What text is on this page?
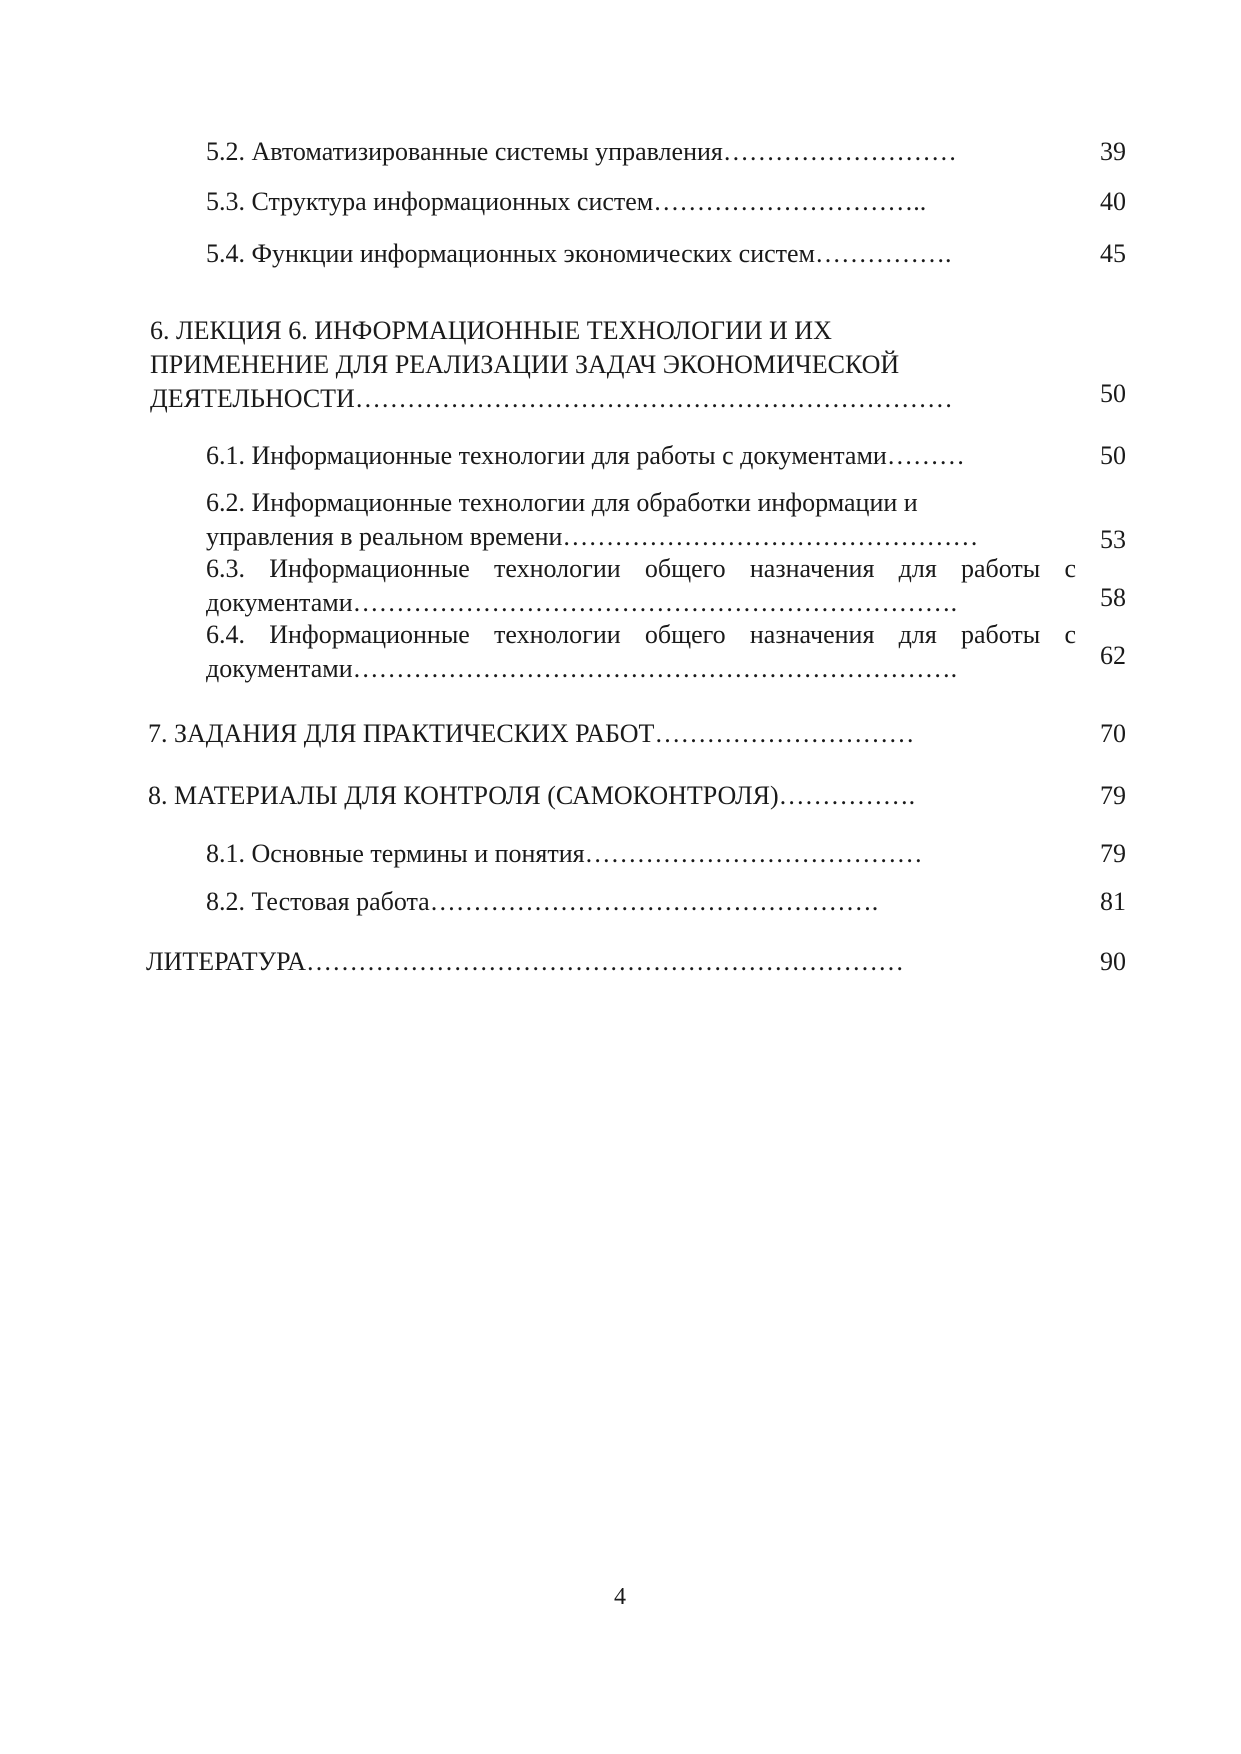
5.2. Автоматизированные системы управления………………………	39
5.3. Структура информационных систем…………………………..	40
5.4. Функции информационных экономических систем…………….	45
6. ЛЕКЦИЯ 6. ИНФОРМАЦИОННЫЕ ТЕХНОЛОГИИ И ИХ
ПРИМЕНЕНИЕ ДЛЯ РЕАЛИЗАЦИИ ЗАДАЧ ЭКОНОМИЧЕСКОЙ
ДЕЯТЕЛЬНОСТИ……………………………………………………………	50
6.1. Информационные технологии для работы с документами………	50
6.2. Информационные технологии для обработки информации и
управления в реальном времени…………………………………………	53
6.3. Информационные технологии общего назначения для работы с
документами…………………………………………………………….	58
6.4. Информационные технологии общего назначения для работы с
документами…………………………………………………………….	62
7. ЗАДАНИЯ ДЛЯ ПРАКТИЧЕСКИХ РАБОТ…………………………	70
8. МАТЕРИАЛЫ ДЛЯ КОНТРОЛЯ (САМОКОНТРОЛЯ)…………….	79
8.1. Основные термины и понятия…………………………………	79
8.2. Тестовая работа…………………………………………….	81
ЛИТЕРАТУРА……………………………………………………………	90
4
